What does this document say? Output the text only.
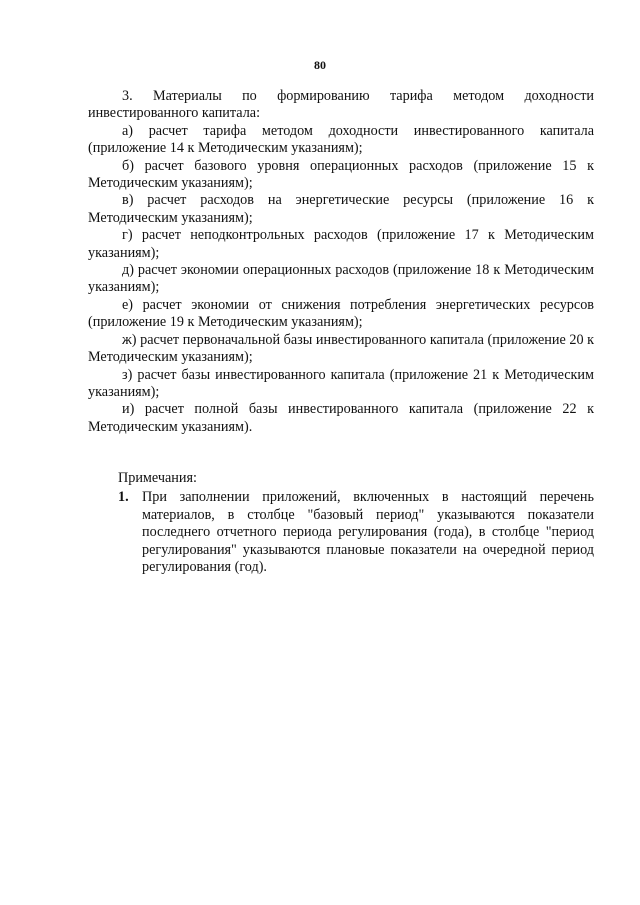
80

3. Материалы по формированию тарифа методом доходности инвестированного капитала:

а) расчет тарифа методом доходности инвестированного капитала (приложение 14 к Методическим указаниям);

б) расчет базового уровня операционных расходов (приложение 15 к Методическим указаниям);

в) расчет расходов на энергетические ресурсы (приложение 16 к Методическим указаниям);

г) расчет неподконтрольных расходов (приложение 17 к Методическим указаниям);

д) расчет экономии операционных расходов (приложение 18 к Методическим указаниям);

е) расчет экономии от снижения потребления энергетических ресурсов (приложение 19 к Методическим указаниям);

ж) расчет первоначальной базы инвестированного капитала (приложение 20 к Методическим указаниям);

з) расчет базы инвестированного капитала (приложение 21 к Методическим указаниям);

и) расчет полной базы инвестированного капитала (приложение 22 к Методическим указаниям).

Примечания:

1. При заполнении приложений, включенных в настоящий перечень материалов, в столбце "базовый период" указываются показатели последнего отчетного периода регулирования (года), в столбце "период регулирования" указываются плановые показатели на очередной период регулирования (год).
